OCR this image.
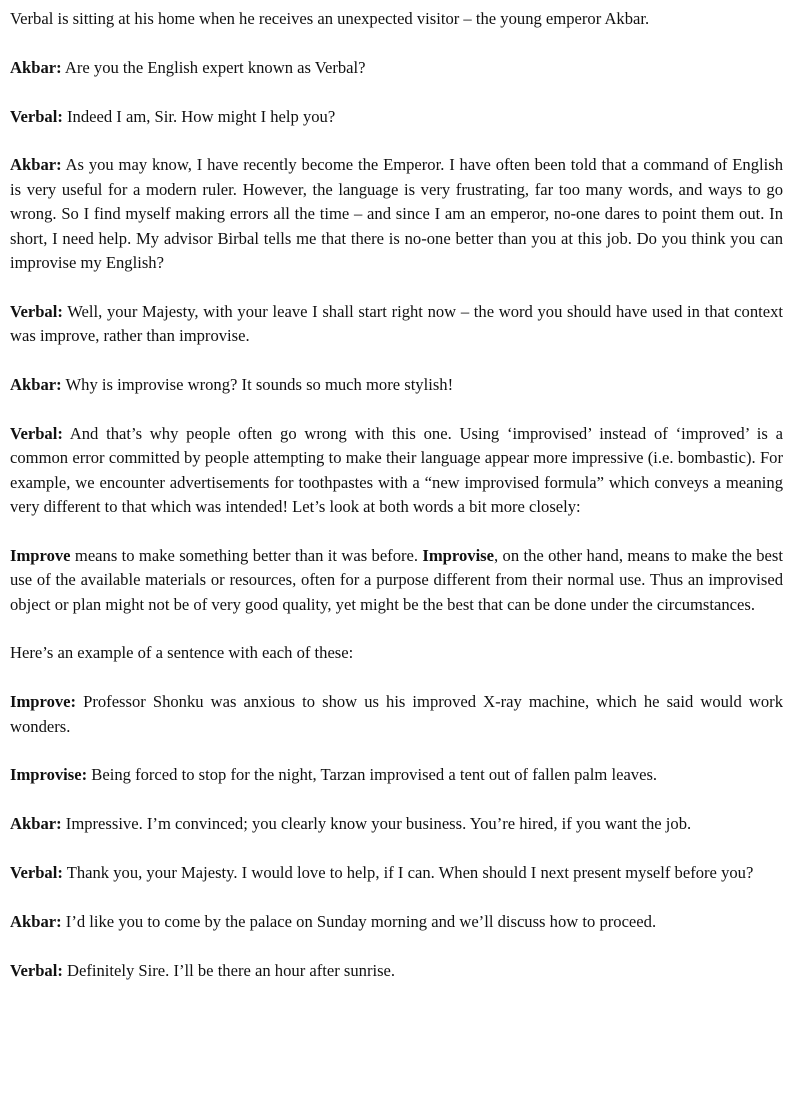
Verbal is sitting at his home when he receives an unexpected visitor – the young emperor Akbar.

Akbar: Are you the English expert known as Verbal?

Verbal: Indeed I am, Sir. How might I help you?

Akbar: As you may know, I have recently become the Emperor. I have often been told that a command of English is very useful for a modern ruler. However, the language is very frustrating, far too many words, and ways to go wrong. So I find myself making errors all the time – and since I am an emperor, no-one dares to point them out. In short, I need help. My advisor Birbal tells me that there is no-one better than you at this job. Do you think you can improvise my English?

Verbal: Well, your Majesty, with your leave I shall start right now – the word you should have used in that context was improve, rather than improvise.

Akbar: Why is improvise wrong? It sounds so much more stylish!

Verbal: And that’s why people often go wrong with this one. Using ‘improvised’ instead of ‘improved’ is a common error committed by people attempting to make their language appear more impressive (i.e. bombastic). For example, we encounter advertisements for toothpastes with a “new improvised formula” which conveys a meaning very different to that which was intended! Let’s look at both words a bit more closely:

Improve means to make something better than it was before. Improvise, on the other hand, means to make the best use of the available materials or resources, often for a purpose different from their normal use. Thus an improvised object or plan might not be of very good quality, yet might be the best that can be done under the circumstances.

Here’s an example of a sentence with each of these:

Improve: Professor Shonku was anxious to show us his improved X-ray machine, which he said would work wonders.

Improvise: Being forced to stop for the night, Tarzan improvised a tent out of fallen palm leaves.

Akbar: Impressive. I’m convinced; you clearly know your business. You’re hired, if you want the job.

Verbal: Thank you, your Majesty. I would love to help, if I can. When should I next present myself before you?

Akbar: I’d like you to come by the palace on Sunday morning and we’ll discuss how to proceed.

Verbal: Definitely Sire. I’ll be there an hour after sunrise.
